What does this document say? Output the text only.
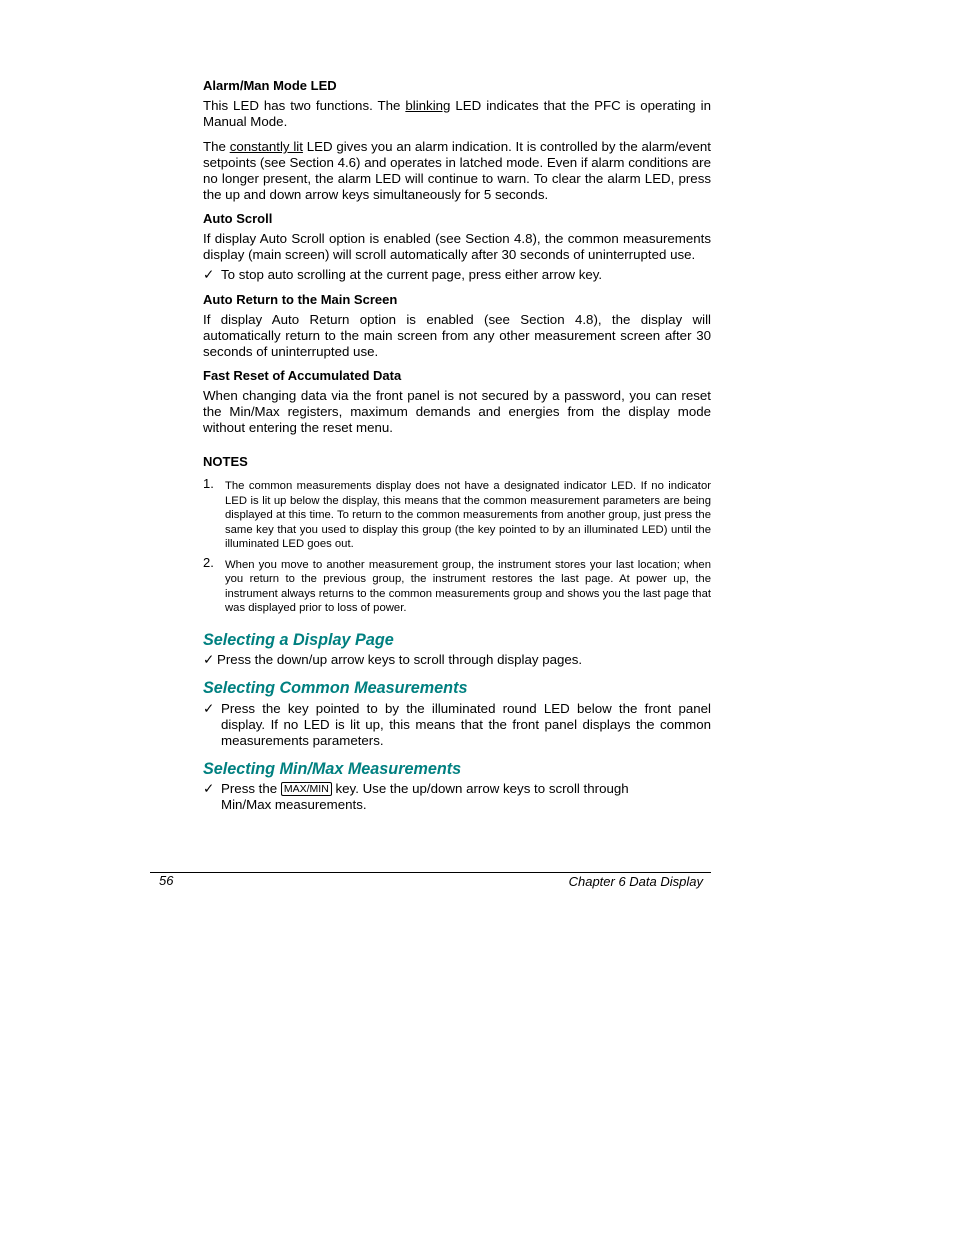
Alarm/Man Mode LED

This LED has two functions. The blinking LED indicates that the PFC is operating in Manual Mode.

The constantly lit LED gives you an alarm indication. It is controlled by the alarm/event setpoints (see Section 4.6) and operates in latched mode. Even if alarm conditions are no longer present, the alarm LED will continue to warn. To clear the alarm LED, press the up and down arrow keys simultaneously for 5 seconds.

Auto Scroll

If display Auto Scroll option is enabled (see Section 4.8), the common measurements display (main screen) will scroll automatically after 30 seconds of uninterrupted use.

✓ To stop auto scrolling at the current page, press either arrow key.
Auto Return to the Main Screen

If display Auto Return option is enabled (see Section 4.8), the display will automatically return to the main screen from any other measurement screen after 30 seconds of uninterrupted use.

Fast Reset of Accumulated Data

When changing data via the front panel is not secured by a password, you can reset the Min/Max registers, maximum demands and energies from the display mode without entering the reset menu.

NOTES
1. The common measurements display does not have a designated indicator LED. If no indicator LED is lit up below the display, this means that the common measurement parameters are being displayed at this time. To return to the common measurements from another group, just press the same key that you used to display this group (the key pointed to by an illuminated LED) until the illuminated LED goes out.
2. When you move to another measurement group, the instrument stores your last location; when you return to the previous group, the instrument restores the last page. At power up, the instrument always returns to the common measurements group and shows you the last page that was displayed prior to loss of power.
Selecting a Display Page
✓ Press the down/up arrow keys to scroll through display pages.
Selecting Common Measurements
✓ Press the key pointed to by the illuminated round LED below the front panel display. If no LED is lit up, this means that the front panel displays the common measurements parameters.
Selecting Min/Max Measurements
✓ Press the MAX/MIN key. Use the up/down arrow keys to scroll through Min/Max measurements.
56	Chapter 6 Data Display
